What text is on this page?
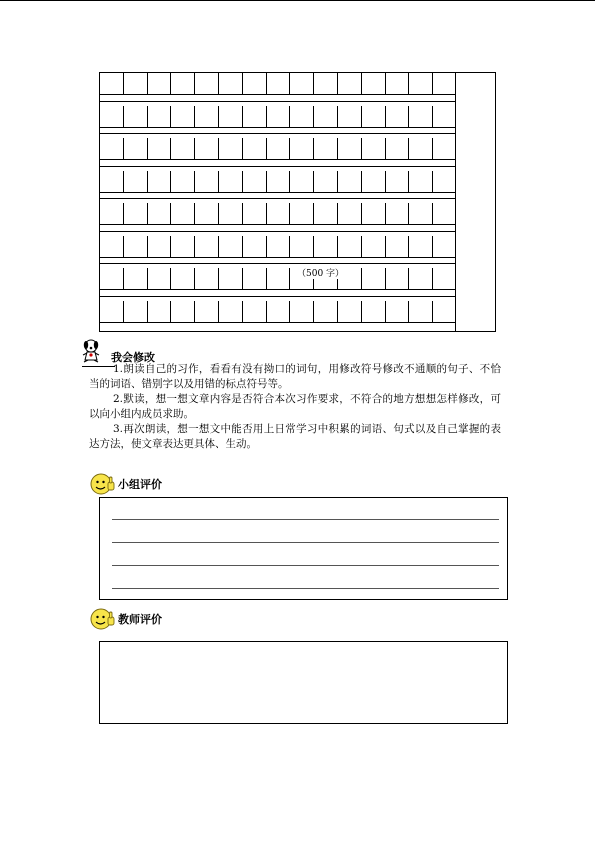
（500 字）
我会修改

1.朗读自己的习作，看看有没有拗口的词句，用修改符号修改不通顺的句子、不恰当的词语、错别字以及用错的标点符号等。

2.默读，想一想文章内容是否符合本次习作要求，不符合的地方想想怎样修改，可以向小组内成员求助。

3.再次朗读，想一想文中能否用上日常学习中积累的词语、句式以及自己掌握的表达方法，使文章表达更具体、生动。

小组评价
教师评价
